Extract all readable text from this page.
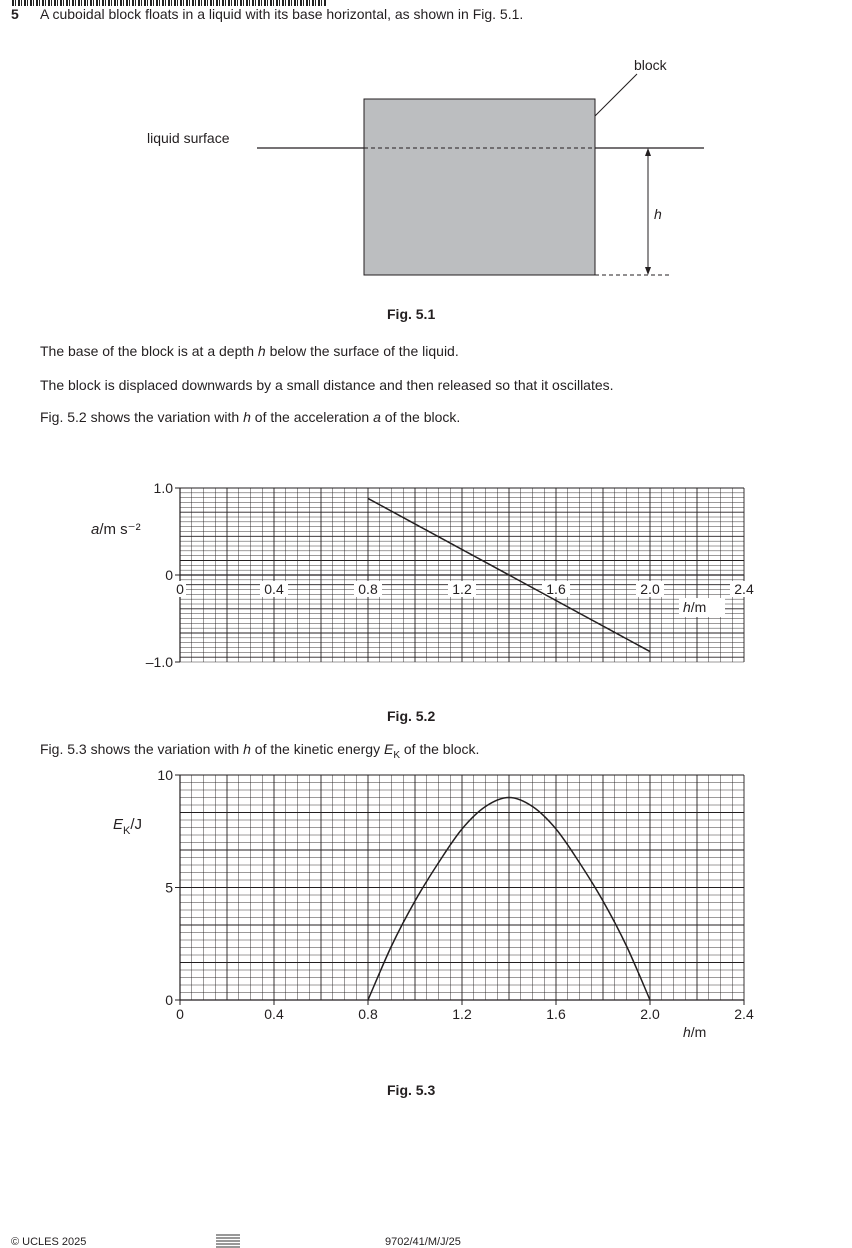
5 A cuboidal block floats in a liquid with its base horizontal, as shown in Fig. 5.1.
block
liquid surface
h
Fig. 5.1
The base of the block is at a depth h below the surface of the liquid.
The block is displaced downwards by a small distance and then released so that it oscillates.
Fig. 5.2 shows the variation with h of the acceleration a of the block.
1.0
0
–1.0
0	0.4	0.8	1.2	1.6	2.0	2.4
h/m
a/m s⁻²
Fig. 5.2
Fig. 5.3 shows the variation with h of the kinetic energy $E_K$ of the block.
10
5
0
0	0.4	0.8	1.2	1.6	2.0	2.4
h/m
$E_K/J$
Fig. 5.3
© UCLES 2025	9702/41/M/J/25
